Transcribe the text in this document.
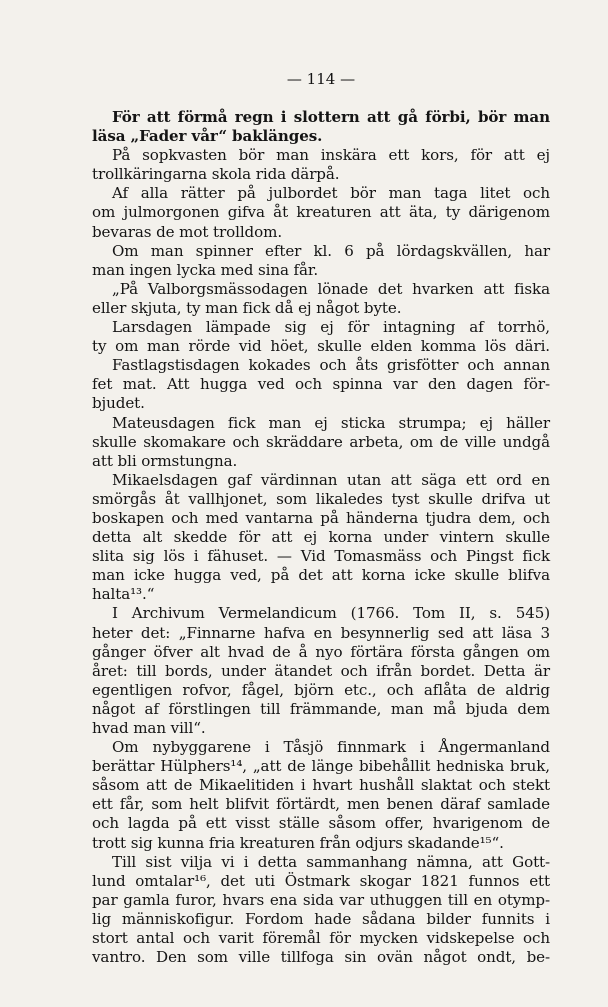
— 114 —
För att förmå regn i slottern att gå förbi, bör man
läsa „Fader vår“ baklänges.
På sopkvasten bör man inskära ett kors, för att ej
trollkäringarna skola rida därpå.
Af alla rätter på julbordet bör man taga litet och
om julmorgonen gifva åt kreaturen att äta, ty därigenom
bevaras de mot trolldom.
Om man spinner efter kl. 6 på lördagskvällen, har
man ingen lycka med sina får.
„På Valborgsmässodagen lönade det hvarken att fiska
eller skjuta, ty man fick då ej något byte.
Larsdagen lämpade sig ej för intagning af torrhö,
ty om man rörde vid höet, skulle elden komma lös däri.
Fastlagstisdagen kokades och åts grisfötter och annan
fet mat. Att hugga ved och spinna var den dagen för-
bjudet.
Mateusdagen fick man ej sticka strumpa; ej häller
skulle skomakare och skräddare arbeta, om de ville undgå
att bli ormstungna.
Mikaelsdagen gaf värdinnan utan att säga ett ord en
smörgås åt vallhjonet, som likaledes tyst skulle drifva ut
boskapen och med vantarna på händerna tjudra dem, och
detta alt skedde för att ej korna under vintern skulle
slita sig lös i fähuset. — Vid Tomasmäss och Pingst fick
man icke hugga ved, på det att korna icke skulle blifva
halta¹³.“
I Archivum Vermelandicum (1766. Tom II, s. 545)
heter det: „Finnarne hafva en besynnerlig sed att läsa 3
gånger öfver alt hvad de å nyo förtära första gången om
året: till bords, under ätandet och ifrån bordet. Detta är
egentligen rofvor, fågel, björn etc., och aflåta de aldrig
något af förstlingen till främmande, man må bjuda dem
hvad man vill“.
Om nybyggarene i Tåsjö finnmark i Ångermanland
berättar Hülphers¹⁴, „att de länge bibehållit hedniska bruk,
såsom att de Mikaelitiden i hvart hushåll slaktat och stekt
ett får, som helt blifvit förtärdt, men benen däraf samlade
och lagda på ett visst ställe såsom offer, hvarigenom de
trott sig kunna fria kreaturen från odjurs skadande¹⁵“.
Till sist vilja vi i detta sammanhang nämna, att Gott-
lund omtalar¹⁶, det uti Östmark skogar 1821 funnos ett
par gamla furor, hvars ena sida var uthuggen till en otymp-
lig människofigur. Fordom hade sådana bilder funnits i
stort antal och varit föremål för mycken vidskepelse och
vantro. Den som ville tillfoga sin ovän något ondt, be-
